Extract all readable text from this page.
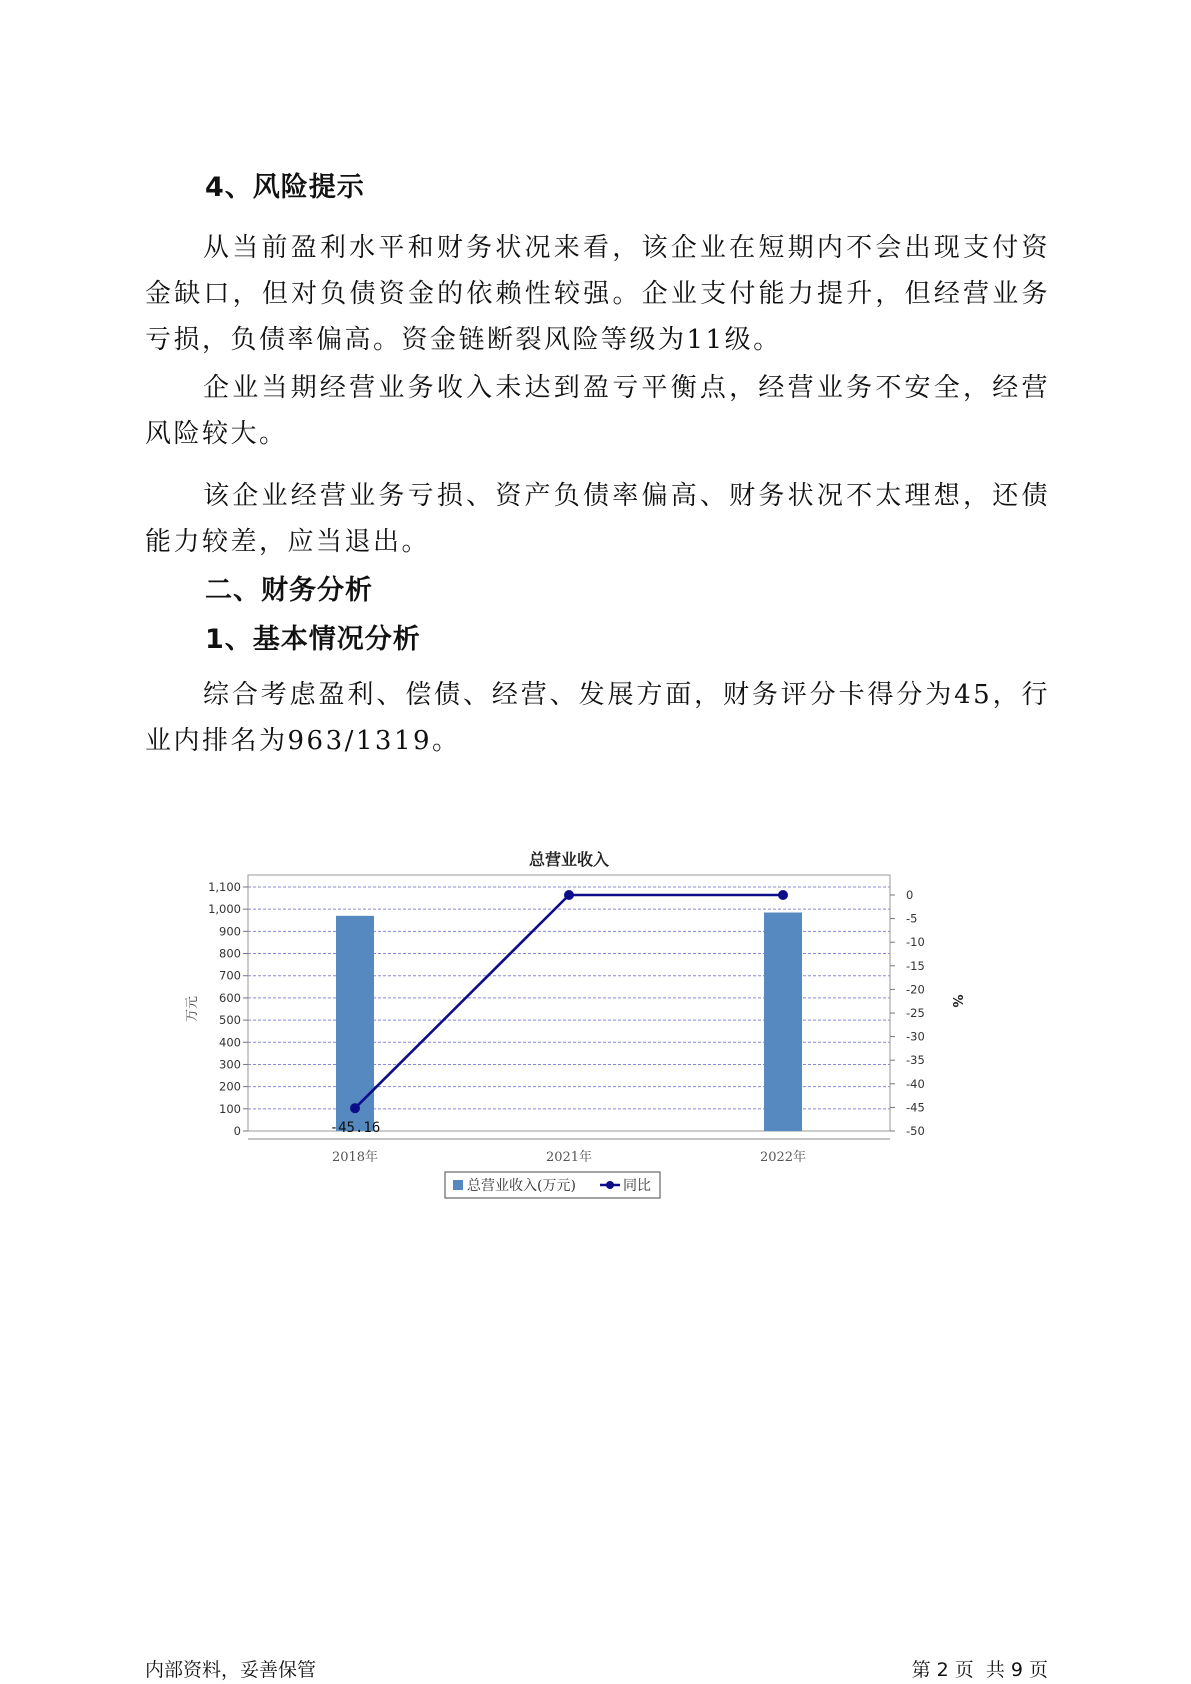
4、风险提示

从当前盈利水平和财务状况来看，该企业在短期内不会出现支付资金缺口，但对负债资金的依赖性较强。企业支付能力提升，但经营业务亏损，负债率偏高。资金链断裂风险等级为11级。

企业当期经营业务收入未达到盈亏平衡点，经营业务不安全，经营风险较大。

该企业经营业务亏损、资产负债率偏高、财务状况不太理想，还债能力较差，应当退出。

二、财务分析
1、基本情况分析

综合考虑盈利、偿债、经营、发展方面，财务评分卡得分为45，行业内排名为963/1319。

总营业收入
0
100
200
300
400
500
600
700
800
900
1,000
1,100
0
-5
-10
-15
-20
-25
-30
-35
-40
-45
-50
万元	%
2018年	2021年	2022年
-45.16
总营业收入(万元)	同比
内部资料，妥善保管	第 2 页  共 9 页
